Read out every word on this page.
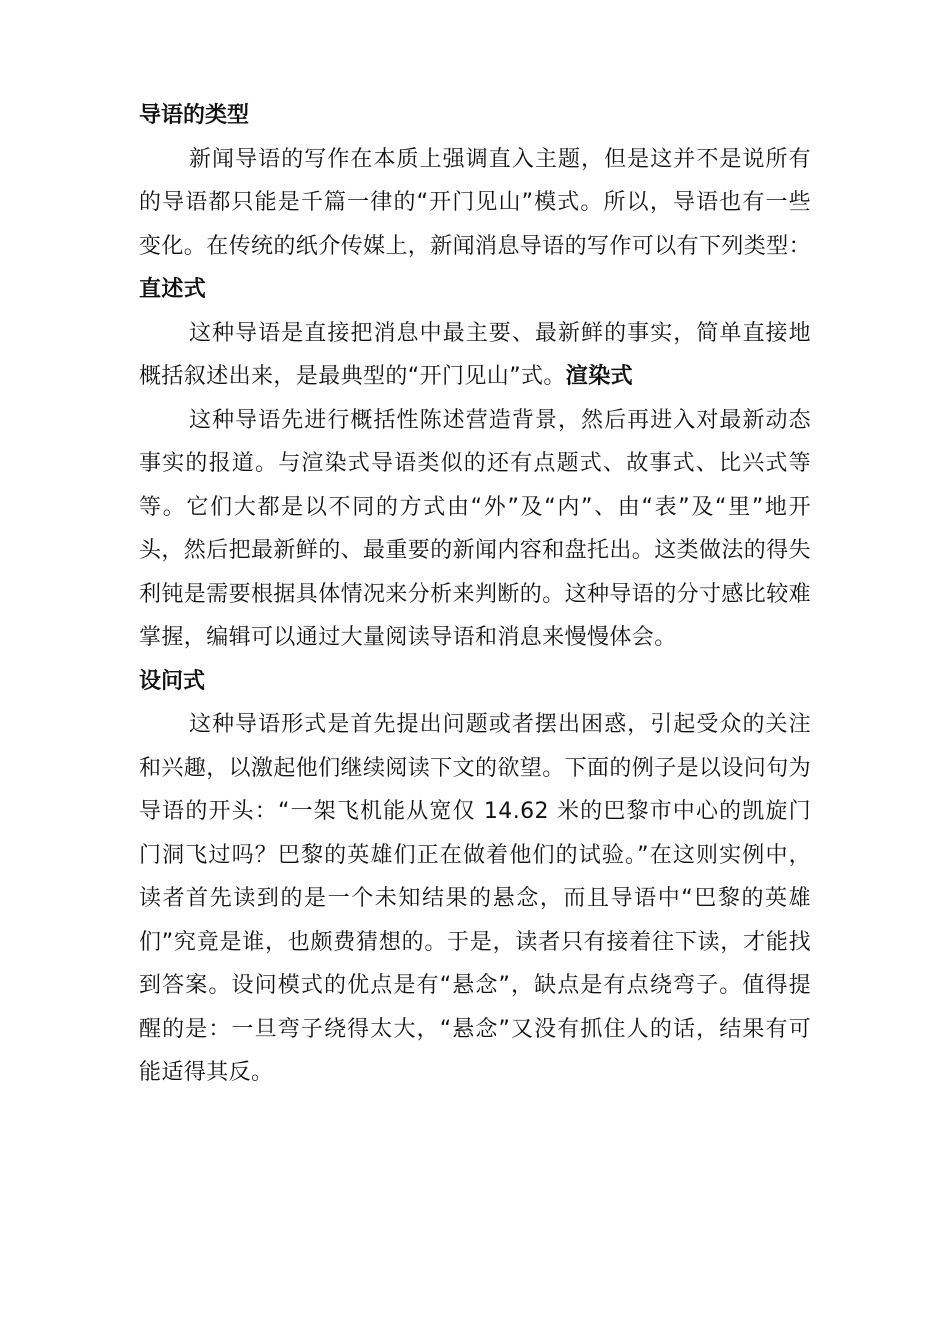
导语的类型

新闻导语的写作在本质上强调直入主题，但是这并不是说所有的导语都只能是千篇一律的“开门见山”模式。所以，导语也有一些变化。在传统的纸介传媒上，新闻消息导语的写作可以有下列类型：直述式

这种导语是直接把消息中最主要、最新鲜的事实，简单直接地概括叙述出来，是最典型的“开门见山”式。渲染式

这种导语先进行概括性陈述营造背景，然后再进入对最新动态事实的报道。与渲染式导语类似的还有点题式、故事式、比兴式等等。它们大都是以不同的方式由“外”及“内”、由“表”及“里”地开头，然后把最新鲜的、最重要的新闻内容和盘托出。这类做法的得失利钝是需要根据具体情况来分析来判断的。这种导语的分寸感比较难掌握，编辑可以通过大量阅读导语和消息来慢慢体会。

设问式

这种导语形式是首先提出问题或者摆出困惑，引起受众的关注和兴趣，以激起他们继续阅读下文的欲望。下面的例子是以设问句为导语的开头：“一架飞机能从宽仅 14.62 米的巴黎市中心的凯旋门门洞飞过吗？巴黎的英雄们正在做着他们的试验。”在这则实例中，读者首先读到的是一个未知结果的悬念，而且导语中“巴黎的英雄们”究竟是谁，也颇费猜想的。于是，读者只有接着往下读，才能找到答案。设问模式的优点是有“悬念”，缺点是有点绕弯子。值得提醒的是：一旦弯子绕得太大，“悬念”又没有抓住人的话，结果有可能适得其反。
